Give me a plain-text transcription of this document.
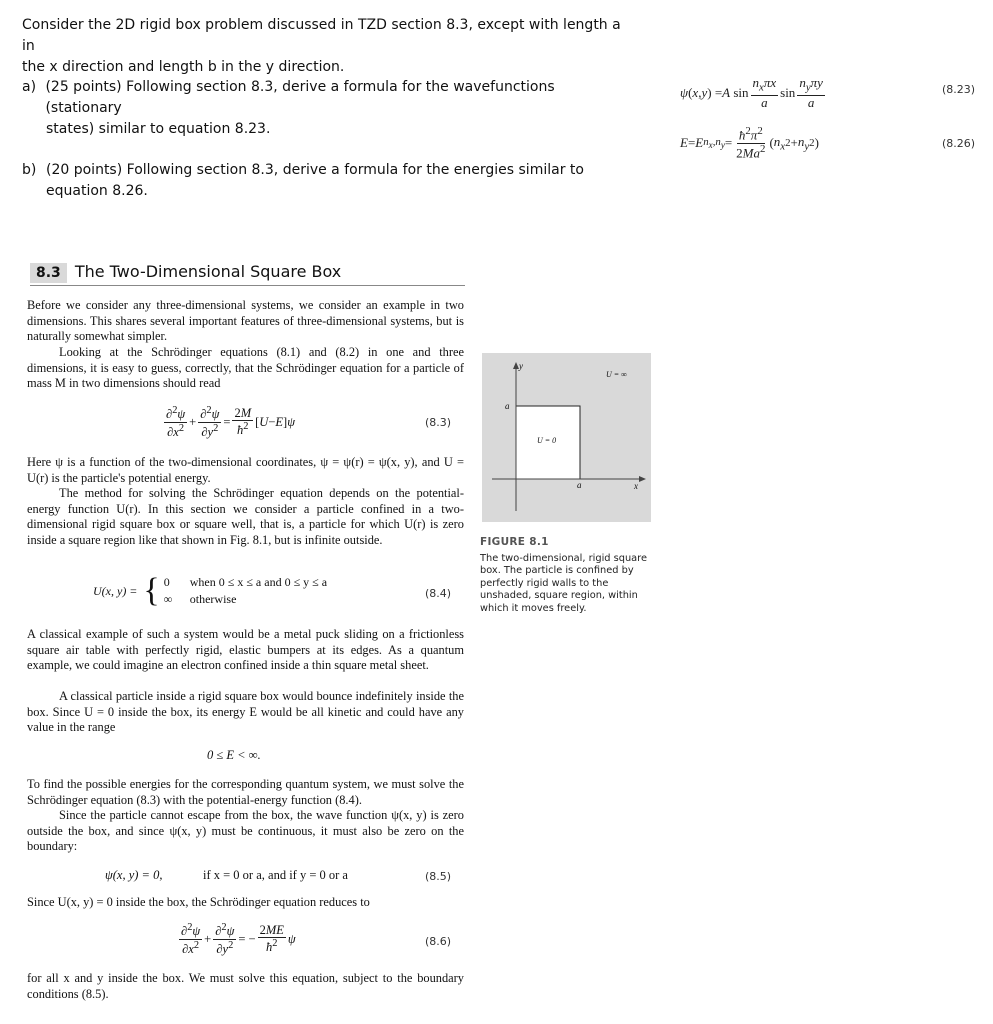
Consider the 2D rigid box problem discussed in TZD section 8.3, except with length a in
the x direction and length b in the y direction.
a) (25 points) Following section 8.3, derive a formula for the wavefunctions (stationary
states) similar to equation 8.23.
b) (20 points) Following section 8.3, derive a formula for the energies similar to
equation 8.26.
ψ ( x , y ) = A $\sin \frac{n_x\pi x}{a}$ $\sin \frac{n_y\pi y}{a}$	(8.23)
E = E $n_x,n_y = \frac{ħ^2\pi^2}{2Ma^2}$ ( $n_x$ $2 + n_y$ 2 )	(8.26)
8.3 The Two-Dimensional Square Box
Before we consider any three-dimensional systems, we consider an example in two dimensions. This shares several important features of three-dimensional systems, but is naturally somewhat simpler.
Looking at the Schrödinger equations (8.1) and (8.2) in one and three dimensions, it is easy to guess, correctly, that the Schrödinger equation for a particle of mass M in two dimensions should read
$\frac{\partial^2\psi}{\partial x^2} + \frac{\partial^2\psi}{\partial y^2} = \frac{2M}{ħ^2}$ [ U − E ] ψ	(8.3)
Here ψ is a function of the two-dimensional coordinates, ψ = ψ(r) = ψ(x, y), and U = U(r) is the particle's potential energy.
The method for solving the Schrödinger equation depends on the potential-energy function U(r). In this section we consider a particle confined in a two-dimensional rigid square box or square well, that is, a particle for which U(r) is zero inside a square region like that shown in Fig. 8.1, but is infinite outside.
U(x, y) = { 0	when 0 ≤ x ≤ a and 0 ≤ y ≤ a
∞	otherwise	(8.4)
A classical example of such a system would be a metal puck sliding on a frictionless square air table with perfectly rigid, elastic bumpers at its edges. As a quantum example, we could imagine an electron confined inside a thin square metal sheet.
A classical particle inside a rigid square box would bounce indefinitely inside the box. Since U = 0 inside the box, its energy E would be all kinetic and could have any value in the range
0 ≤ E < ∞.
To find the possible energies for the corresponding quantum system, we must solve the Schrödinger equation (8.3) with the potential-energy function (8.4).
Since the particle cannot escape from the box, the wave function ψ(x, y) is zero outside the box, and since ψ(x, y) must be continuous, it must also be zero on the boundary:
ψ(x, y) = 0,	if x = 0 or a, and if y = 0 or a	(8.5)
Since U(x, y) = 0 inside the box, the Schrödinger equation reduces to
$\frac{\partial^2\psi}{\partial x^2} + \frac{\partial^2\psi}{\partial y^2}$ = − $\frac{2ME}{ħ^2}$ ψ	(8.6)
for all x and y inside the box. We must solve this equation, subject to the boundary conditions (8.5).
y
x
a
a
U = ∞
U = 0
FIGURE 8.1
The two-dimensional, rigid square box. The particle is confined by perfectly rigid walls to the unshaded, square region, within which it moves freely.
